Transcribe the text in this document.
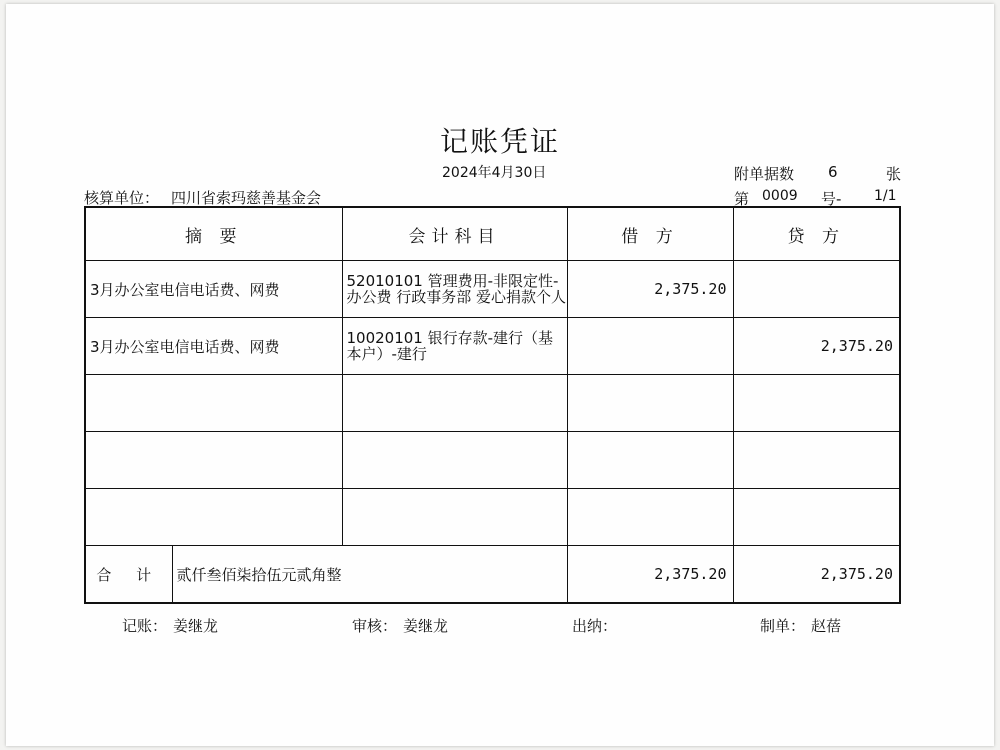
记账凭证
2024年4月30日	附单据数 6	张
核算单位： 四川省索玛慈善基金会	第 0009 号- 1/1
摘 要		会计科目	借 方	贷 方
3月办公室电信电话费、网费		52010101 管理费用-非限定性-办公费 行政事务部 爱心捐款个人	2,375.20	
3月办公室电信电话费、网费		10020101 银行存款-建行（基本户）-建行		2,375.20

合 计	贰仟叁佰柒拾伍元贰角整		2,375.20	2,375.20
记账： 姜继龙	审核： 姜继龙	出纳：	制单： 赵蓓
